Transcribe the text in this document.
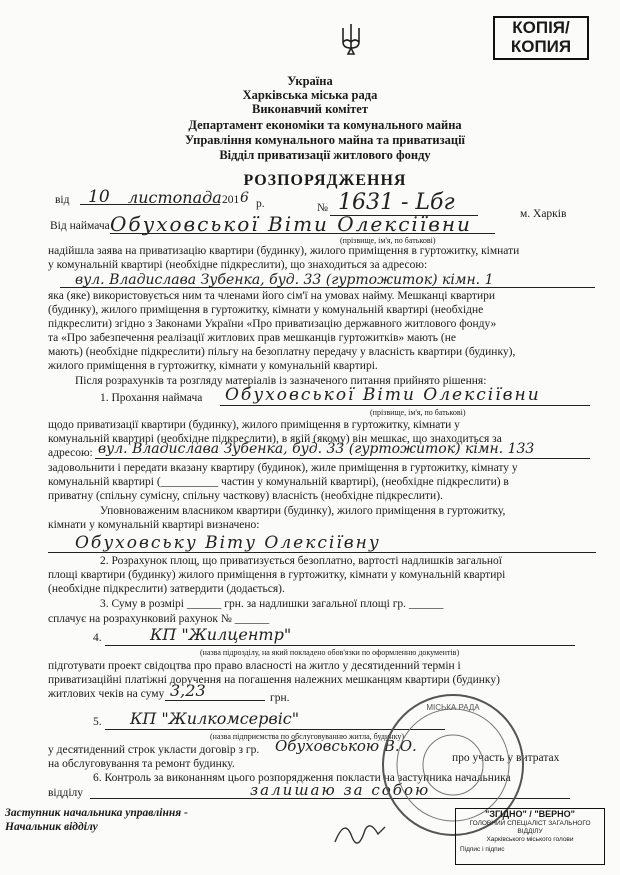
КОПІЯ/
КОПИЯ
Україна
Харківська міська рада
Виконавчий комітет
Департамент економіки та комунального майна
Управління комунального майна та приватизації
Відділ приватизації житлового фонду
РОЗПОРЯДЖЕННЯ
від 10 листопада 201 6 р.	№ 1631 - Lбг	м. Харків
Від наймача Обуховської Віти Олексіївни
(прізвище, ім'я, по батькові)
надійшла заява на приватизацію квартири (будинку), жилого приміщення в гуртожитку, кімнати
у комунальній квартирі (необхідне підкреслити), що знаходиться за адресою:
вул. Владислава Зубенка, буд. 33 (гуртожиток) кімн. 1
яка (яке) використовується ним та членами його сім'ї на умовах найму. Мешканці квартири
(будинку), жилого приміщення в гуртожитку, кімнати у комунальній квартирі (необхідне
підкреслити) згідно з Законами України «Про приватизацію державного житлового фонду»
та «Про забезпечення реалізації житлових прав мешканців гуртожитків» мають (не
мають) (необхідне підкреслити) пільгу на безоплатну передачу у власність квартири (будинку),
жилого приміщення в гуртожитку, кімнати у комунальній квартирі.
Після розрахунків та розгляду матеріалів із зазначеного питання прийнято рішення:
1. Прохання наймача Обуховської Віти Олексіївни
(прізвище, ім'я, по батькові)
щодо приватизації квартири (будинку), жилого приміщення в гуртожитку, кімнати у
комунальній квартирі (необхідне підкреслити), в якій (якому) він мешкає, що знаходиться за
адресою: вул. Владислава Зубенка, буд. 33 (гуртожиток) кімн. 133
задовольнити і передати вказану квартиру (будинок), жиле приміщення в гуртожитку, кімнату у
комунальній квартирі (__________ частин у комунальній квартирі), (необхідне підкреслити) в
приватну (спільну сумісну, спільну часткову) власність (необхідне підкреслити).
Уповноваженим власником квартири (будинку), жилого приміщення в гуртожитку,
кімнати у комунальній квартирі визначено:
Обуховську Віту Олексіївну
2. Розрахунок площ, що приватизується безоплатно, вартості надлишків загальної
площі квартири (будинку) жилого приміщення в гуртожитку, кімнати у комунальній квартирі
(необхідне підкреслити) затвердити (додається).
3. Суму в розмірі ______ грн. за надлишки загальної площі гр. ______
сплачує на розрахунковий рахунок № ______
4.	КП "Жилцентр"
(назва підрозділу, на який покладено обов'язки по оформленню документів)
підготувати проект свідоцтва про право власності на житло у десятиденний термін і
приватизаційні платіжні доручення на погашення належних мешканцям квартири (будинку)
житлових чеків на суму 3,23	грн.
5. КП "Жилкомсервіс"
(назва підприємства по обслуговуванню житла, будинку)
у десятиденний строк укласти договір з гр. Обуховською В.О.
про участь у витратах
на обслуговування та ремонт будинку.
6. Контроль за виконанням цього розпорядження покласти на заступника начальника
відділу	залишаю за собою
Заступник начальника управління -
Начальник відділу
МІСЬКА РАДА
"ЗГІДНО" / "ВЕРНО"
ГОЛОВНИЙ СПЕЦІАЛІСТ ЗАГАЛЬНОГО ВІДДІЛУ
Харківського міського голови
Підпис і підпис
